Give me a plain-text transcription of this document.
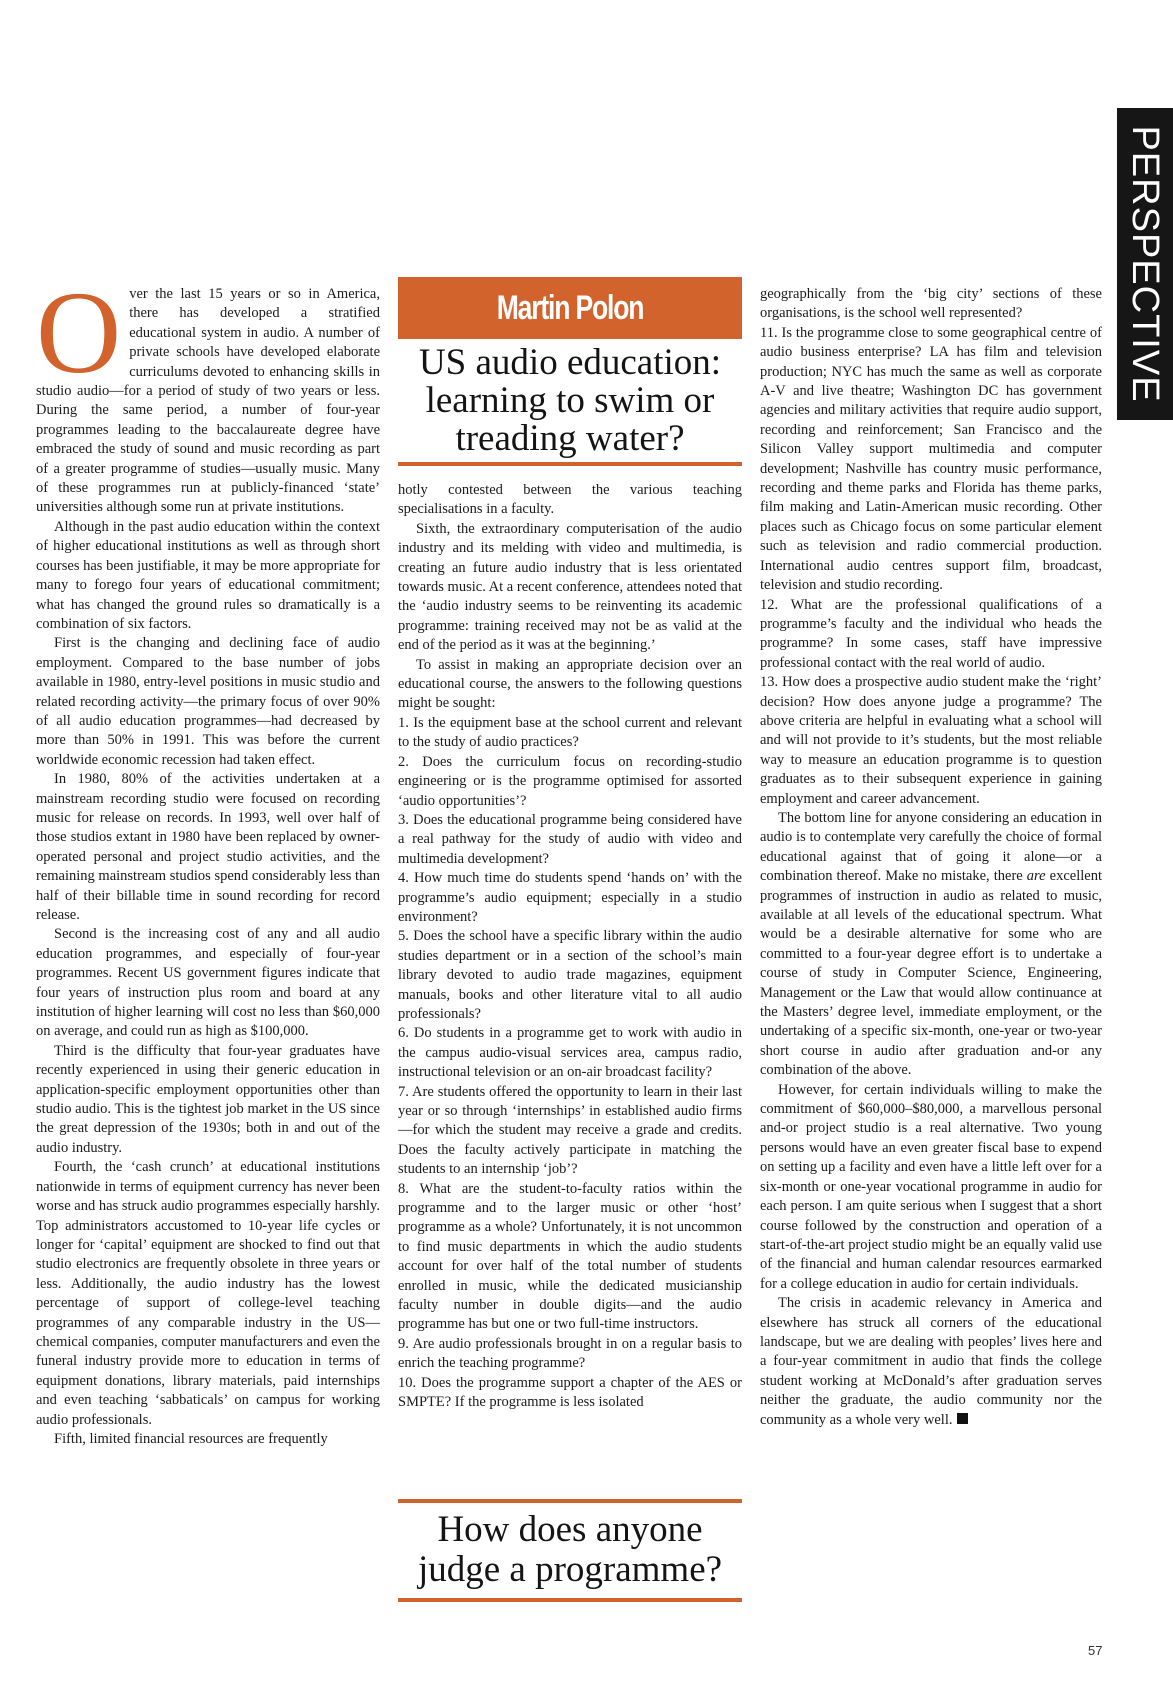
PERSPECTIVE

Over the last 15 years or so in America, there has developed a stratified educational system in audio. A number of private schools have developed elaborate curriculums devoted to enhancing skills in studio audio—for a period of study of two years or less. During the same period, a number of four-year programmes leading to the baccalaureate degree have embraced the study of sound and music recording as part of a greater programme of studies—usually music. Many of these programmes run at publicly-financed ‘state’ universities although some run at private institutions.

Although in the past audio education within the context of higher educational institutions as well as through short courses has been justifiable, it may be more appropriate for many to forego four years of educational commitment; what has changed the ground rules so dramatically is a combination of six factors.

First is the changing and declining face of audio employment. Compared to the base number of jobs available in 1980, entry-level positions in music studio and related recording activity—the primary focus of over 90% of all audio education programmes—had decreased by more than 50% in 1991. This was before the current worldwide economic recession had taken effect.

In 1980, 80% of the activities undertaken at a mainstream recording studio were focused on recording music for release on records. In 1993, well over half of those studios extant in 1980 have been replaced by owner-operated personal and project studio activities, and the remaining mainstream studios spend considerably less than half of their billable time in sound recording for record release.

Second is the increasing cost of any and all audio education programmes, and especially of four-year programmes. Recent US government figures indicate that four years of instruction plus room and board at any institution of higher learning will cost no less than $60,000 on average, and could run as high as $100,000.

Third is the difficulty that four-year graduates have recently experienced in using their generic education in application-specific employment opportunities other than studio audio. This is the tightest job market in the US since the great depression of the 1930s; both in and out of the audio industry.

Fourth, the ‘cash crunch’ at educational institutions nationwide in terms of equipment currency has never been worse and has struck audio programmes especially harshly. Top administrators accustomed to 10-year life cycles or longer for ‘capital’ equipment are shocked to find out that studio electronics are frequently obsolete in three years or less. Additionally, the audio industry has the lowest percentage of support of college-level teaching programmes of any comparable industry in the US—chemical companies, computer manufacturers and even the funeral industry provide more to education in terms of equipment donations, library materials, paid internships and even teaching ‘sabbaticals’ on campus for working audio professionals.

Fifth, limited financial resources are frequently

Martin Polon
US audio education: learning to swim or treading water?

hotly contested between the various teaching specialisations in a faculty.

Sixth, the extraordinary computerisation of the audio industry and its melding with video and multimedia, is creating an future audio industry that is less orientated towards music. At a recent conference, attendees noted that the ‘audio industry seems to be reinventing its academic programme: training received may not be as valid at the end of the period as it was at the beginning.’

To assist in making an appropriate decision over an educational course, the answers to the following questions might be sought:

1. Is the equipment base at the school current and relevant to the study of audio practices?

2. Does the curriculum focus on recording-studio engineering or is the programme optimised for assorted ‘audio opportunities’?

3. Does the educational programme being considered have a real pathway for the study of audio with video and multimedia development?

4. How much time do students spend ‘hands on’ with the programme’s audio equipment; especially in a studio environment?

5. Does the school have a specific library within the audio studies department or in a section of the school’s main library devoted to audio trade magazines, equipment manuals, books and other literature vital to all audio professionals?

6. Do students in a programme get to work with audio in the campus audio-visual services area, campus radio, instructional television or an on-air broadcast facility?

7. Are students offered the opportunity to learn in their last year or so through ‘internships’ in established audio firms—for which the student may receive a grade and credits. Does the faculty actively participate in matching the students to an internship ‘job’?

8. What are the student-to-faculty ratios within the programme and to the larger music or other ‘host’ programme as a whole? Unfortunately, it is not uncommon to find music departments in which the audio students account for over half of the total number of students enrolled in music, while the dedicated musicianship faculty number in double digits—and the audio programme has but one or two full-time instructors.

9. Are audio professionals brought in on a regular basis to enrich the teaching programme?

10. Does the programme support a chapter of the AES or SMPTE? If the programme is less isolated

How does anyone judge a programme?

geographically from the ‘big city’ sections of these organisations, is the school well represented?

11. Is the programme close to some geographical centre of audio business enterprise? LA has film and television production; NYC has much the same as well as corporate A-V and live theatre; Washington DC has government agencies and military activities that require audio support, recording and reinforcement; San Francisco and the Silicon Valley support multimedia and computer development; Nashville has country music performance, recording and theme parks and Florida has theme parks, film making and Latin-American music recording. Other places such as Chicago focus on some particular element such as television and radio commercial production. International audio centres support film, broadcast, television and studio recording.

12. What are the professional qualifications of a programme’s faculty and the individual who heads the programme? In some cases, staff have impressive professional contact with the real world of audio.

13. How does a prospective audio student make the ‘right’ decision? How does anyone judge a programme? The above criteria are helpful in evaluating what a school will and will not provide to it’s students, but the most reliable way to measure an education programme is to question graduates as to their subsequent experience in gaining employment and career advancement.

The bottom line for anyone considering an education in audio is to contemplate very carefully the choice of formal educational against that of going it alone—or a combination thereof. Make no mistake, there are excellent programmes of instruction in audio as related to music, available at all levels of the educational spectrum. What would be a desirable alternative for some who are committed to a four-year degree effort is to undertake a course of study in Computer Science, Engineering, Management or the Law that would allow continuance at the Masters’ degree level, immediate employment, or the undertaking of a specific six-month, one-year or two-year short course in audio after graduation and-or any combination of the above.

However, for certain individuals willing to make the commitment of $60,000–$80,000, a marvellous personal and-or project studio is a real alternative. Two young persons would have an even greater fiscal base to expend on setting up a facility and even have a little left over for a six-month or one-year vocational programme in audio for each person. I am quite serious when I suggest that a short course followed by the construction and operation of a start-of-the-art project studio might be an equally valid use of the financial and human calendar resources earmarked for a college education in audio for certain individuals.

The crisis in academic relevancy in America and elsewhere has struck all corners of the educational landscape, but we are dealing with peoples’ lives here and a four-year commitment in audio that finds the college student working at McDonald’s after graduation serves neither the graduate, the audio community nor the community as a whole very well.

57
